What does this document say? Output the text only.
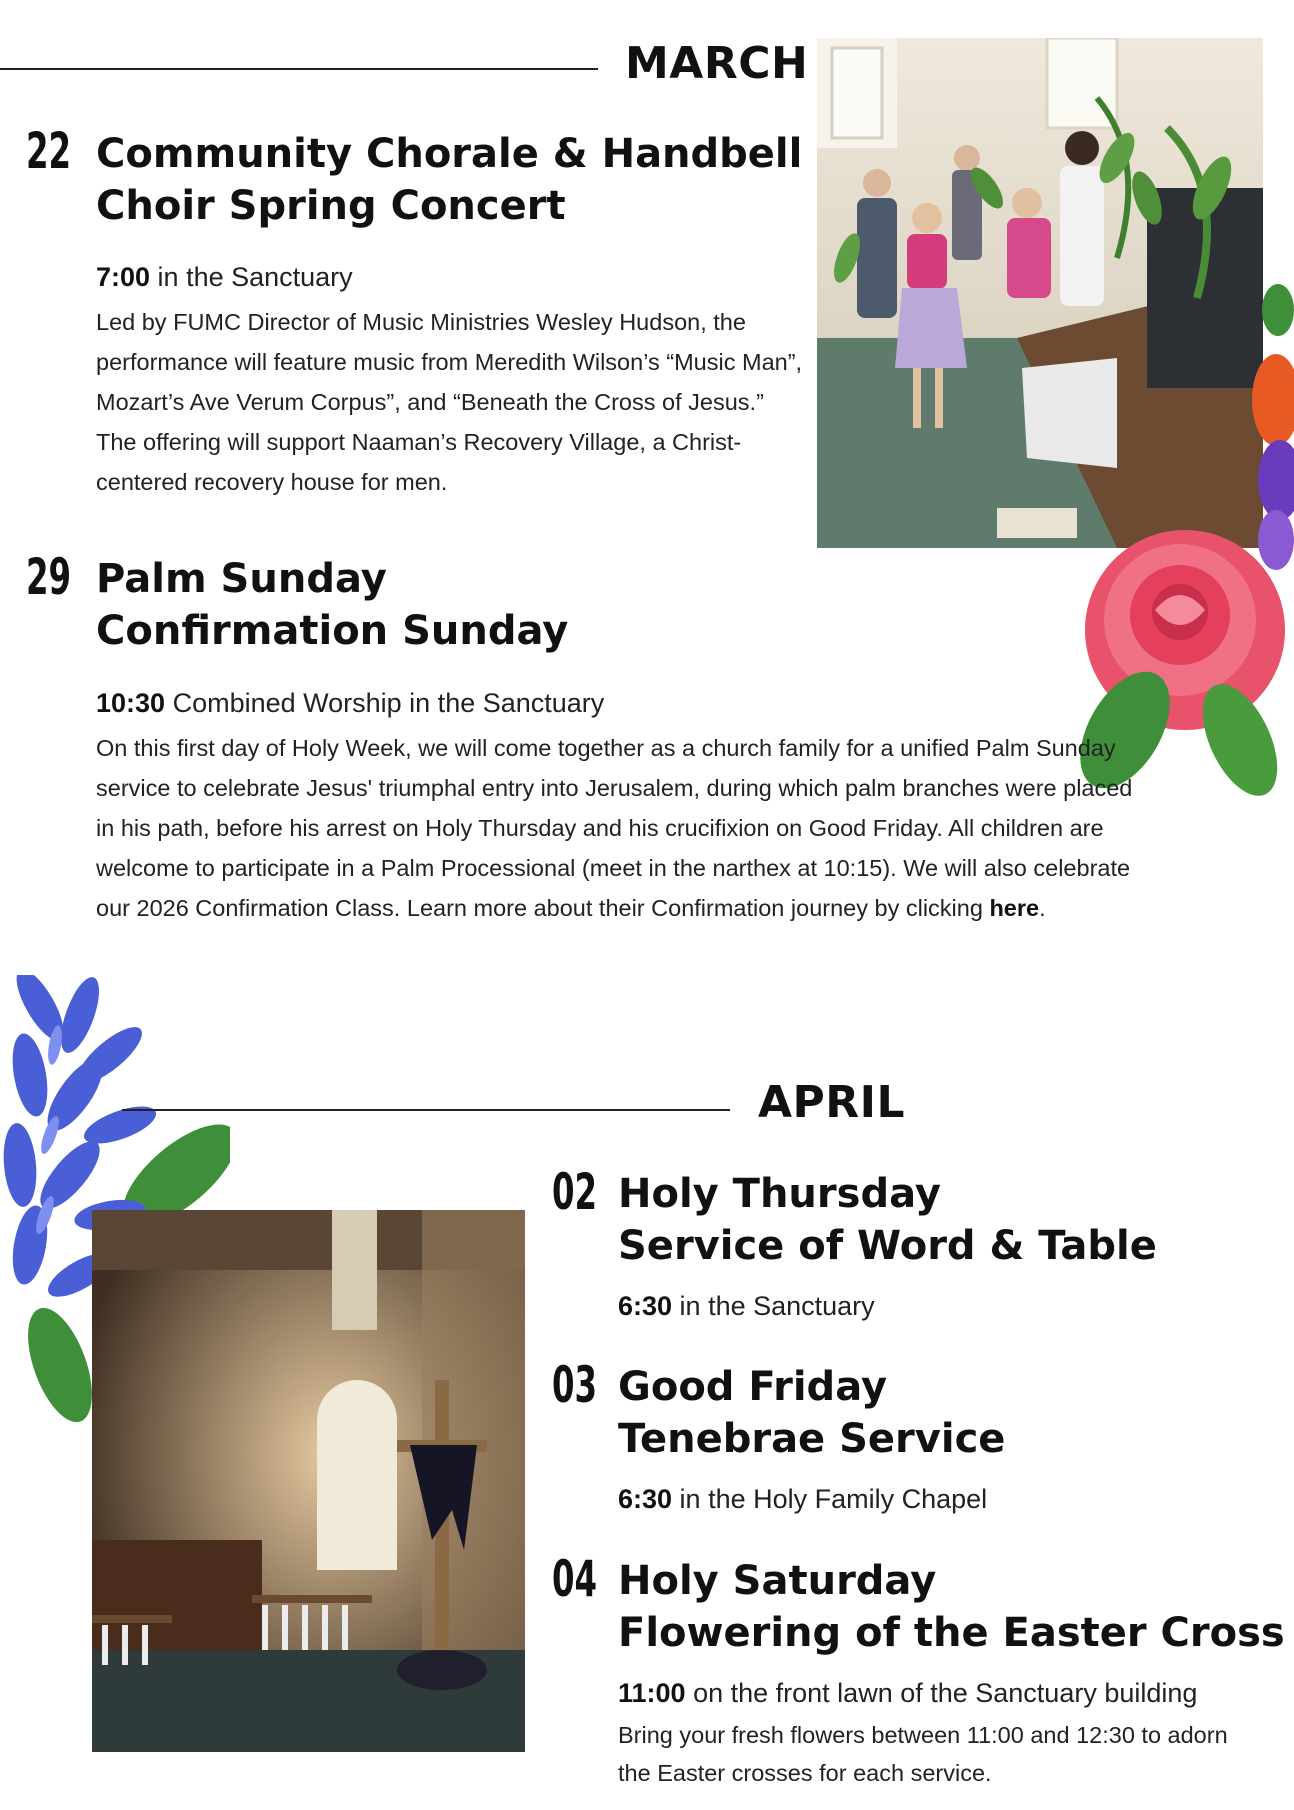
MARCH
22 Community Chorale & Handbell
Choir Spring Concert
7:00 in the Sanctuary

Led by FUMC Director of Music Ministries Wesley Hudson, the performance will feature music from Meredith Wilson’s “Music Man”, Mozart’s Ave Verum Corpus”, and “Beneath the Cross of Jesus.” The offering will support Naaman’s Recovery Village, a Christ-centered recovery house for men.

29 Palm Sunday
Confirmation Sunday
10:30 Combined Worship in the Sanctuary

On this first day of Holy Week, we will come together as a church family for a unified Palm Sunday service to celebrate Jesus' triumphal entry into Jerusalem, during which palm branches were placed in his path, before his arrest on Holy Thursday and his crucifixion on Good Friday. All children are welcome to participate in a Palm Processional (meet in the narthex at 10:15). We will also celebrate our 2026 Confirmation Class. Learn more about their Confirmation journey by clicking here.

APRIL
02 Holy Thursday
Service of Word & Table
6:30 in the Sanctuary
03 Good Friday
Tenebrae Service
6:30 in the Holy Family Chapel
04 Holy Saturday
Flowering of the Easter Cross
11:00 on the front lawn of the Sanctuary building

Bring your fresh flowers between 11:00 and 12:30 to adorn the Easter crosses for each service.
